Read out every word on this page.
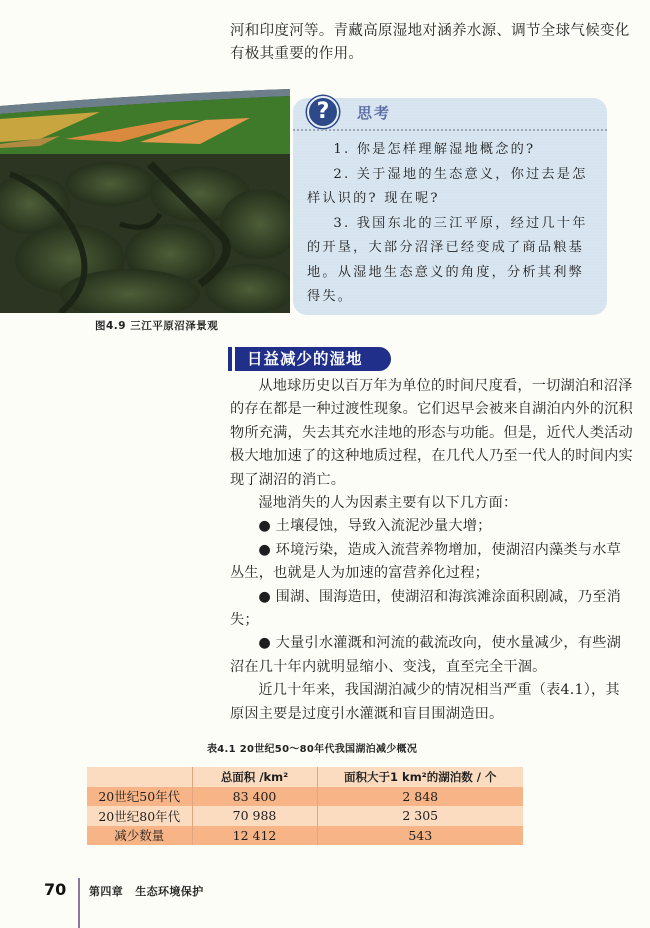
河和印度河等。青藏高原湿地对涵养水源、调节全球气候变化有极其重要的作用。
图4.9 三江平原沼泽景观
?	思考

1. 你是怎样理解湿地概念的?

2. 关于湿地的生态意义，你过去是怎样认识的? 现在呢?

3. 我国东北的三江平原，经过几十年的开垦，大部分沼泽已经变成了商品粮基地。从湿地生态意义的角度，分析其利弊得失。

日益减少的湿地

从地球历史以百万年为单位的时间尺度看，一切湖泊和沼泽的存在都是一种过渡性现象。它们迟早会被来自湖泊内外的沉积物所充满，失去其充水洼地的形态与功能。但是，近代人类活动极大地加速了的这种地质过程，在几代人乃至一代人的时间内实现了湖沼的消亡。

湿地消失的人为因素主要有以下几方面：

● 土壤侵蚀，导致入流泥沙量大增；

● 环境污染，造成入流营养物增加，使湖沼内藻类与水草丛生，也就是人为加速的富营养化过程；

● 围湖、围海造田，使湖沼和海滨滩涂面积剧减，乃至消失；

● 大量引水灌溉和河流的截流改向，使水量减少，有些湖沼在几十年内就明显缩小、变浅，直至完全干涸。

近几十年来，我国湖泊减少的情况相当严重（表4.1），其原因主要是过度引水灌溉和盲目围湖造田。

表4.1 20世纪50～80年代我国湖泊减少概况
	总面积 /km²	面积大于1 km²的湖泊数 / 个
20世纪50年代	83 400	2 848
20世纪80年代	70 988	2 305
减少数量	12 412	543
70 第四章 生态环境保护
